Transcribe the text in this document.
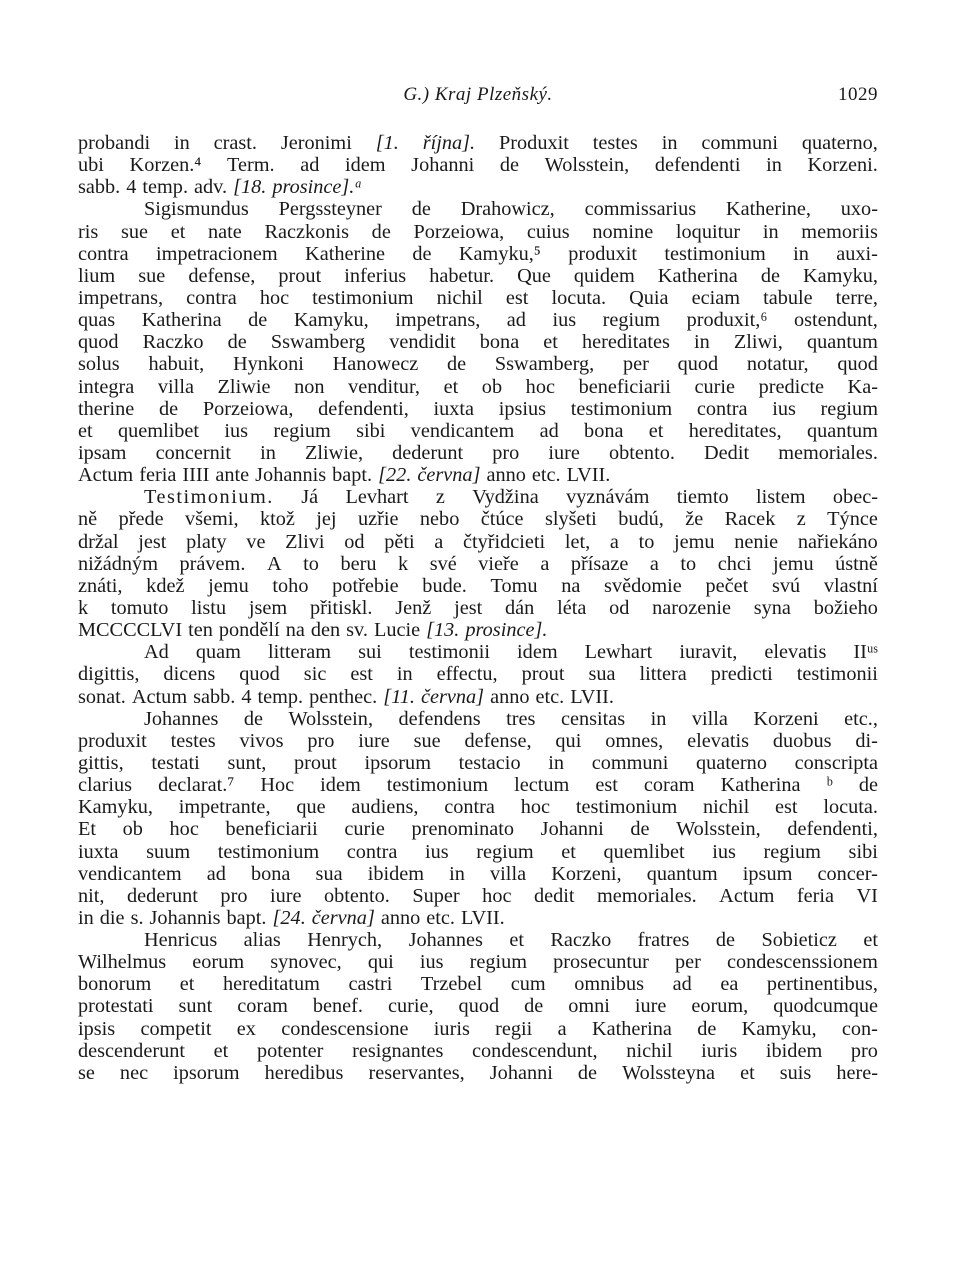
G.) Kraj Plzeňský.	1029
probandi in crast. Jeronimi [1. října]. Produxit testes in communi quaterno,
ubi Korzen.⁴ Term. ad idem Johanni de Wolsstein, defendenti in Korzeni.
sabb. 4 temp. adv. [18. prosince].ᵃ
Sigismundus Pergssteyner de Drahowicz, commissarius Katherine, uxo-
ris sue et nate Raczkonis de Porzeiowa, cuius nomine loquitur in memoriis
contra impetracionem Katherine de Kamyku,⁵ produxit testimonium in auxi-
lium sue defense, prout inferius habetur. Que quidem Katherina de Kamyku,
impetrans, contra hoc testimonium nichil est locuta. Quia eciam tabule terre,
quas Katherina de Kamyku, impetrans, ad ius regium produxit,⁶ ostendunt,
quod Raczko de Sswamberg vendidit bona et hereditates in Zliwi, quantum
solus habuit, Hynkoni Hanowecz de Sswamberg, per quod notatur, quod
integra villa Zliwie non venditur, et ob hoc beneficiarii curie predicte Ka-
therine de Porzeiowa, defendenti, iuxta ipsius testimonium contra ius regium
et quemlibet ius regium sibi vendicantem ad bona et hereditates, quantum
ipsam concernit in Zliwie, dederunt pro iure obtento. Dedit memoriales.
Actum feria IIII ante Johannis bapt. [22. června] anno etc. LVII.
Testimonium. Já Levhart z Vydžina vyznávám tiemto listem obec-
ně přede všemi, ktož jej uzřie nebo čtúce slyšeti budú, že Racek z Týnce
držal jest platy ve Zlivi od pěti a čtyřidcieti let, a to jemu nenie nařiekáno
nižádným právem. A to beru k své vieře a přísaze a to chci jemu ústně
znáti, kdež jemu toho potřebie bude. Tomu na svědomie pečet svú vlastní
k tomuto listu jsem přitiskl. Jenž jest dán léta od narozenie syna božieho
MCCCCLVI ten pondělí na den sv. Lucie [13. prosince].
Ad quam litteram sui testimonii idem Lewhart iuravit, elevatis IIᵘˢ
digittis, dicens quod sic est in effectu, prout sua littera predicti testimonii
sonat. Actum sabb. 4 temp. penthec. [11. června] anno etc. LVII.
Johannes de Wolsstein, defendens tres censitas in villa Korzeni etc.,
produxit testes vivos pro iure sue defense, qui omnes, elevatis duobus di-
gittis, testati sunt, prout ipsorum testacio in communi quaterno conscripta
clarius declarat.⁷ Hoc idem testimonium lectum est coram Katherina ᵇ de
Kamyku, impetrante, que audiens, contra hoc testimonium nichil est locuta.
Et ob hoc beneficiarii curie prenominato Johanni de Wolsstein, defendenti,
iuxta suum testimonium contra ius regium et quemlibet ius regium sibi
vendicantem ad bona sua ibidem in villa Korzeni, quantum ipsum concer-
nit, dederunt pro iure obtento. Super hoc dedit memoriales. Actum feria VI
in die s. Johannis bapt. [24. června] anno etc. LVII.
Henricus alias Henrych, Johannes et Raczko fratres de Sobieticz et
Wilhelmus eorum synovec, qui ius regium prosecuntur per condescenssionem
bonorum et hereditatum castri Trzebel cum omnibus ad ea pertinentibus,
protestati sunt coram benef. curie, quod de omni iure eorum, quodcumque
ipsis competit ex condescensione iuris regii a Katherina de Kamyku, con-
descenderunt et potenter resignantes condescendunt, nichil iuris ibidem pro
se nec ipsorum heredibus reservantes, Johanni de Wolssteyna et suis here-
